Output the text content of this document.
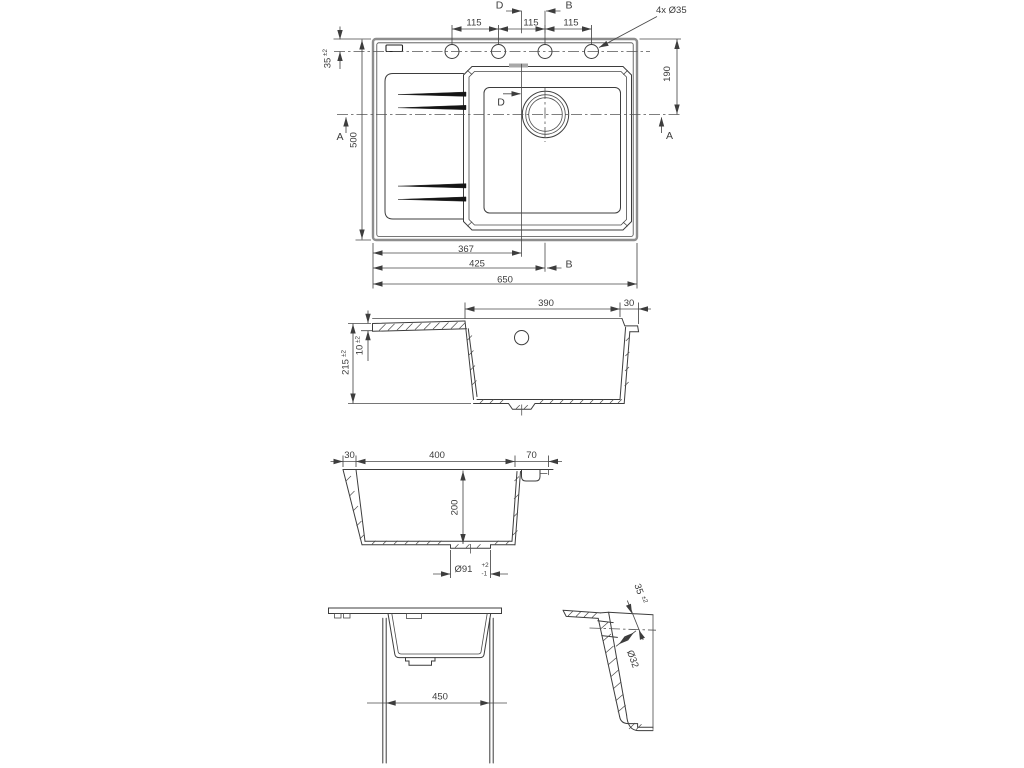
D	B
115	115	115
4x Ø35
190
35
±2
500
A	A
D
367
425	B
650
390	30
215
±2 10
±2
30	400	70
200
Ø91 +2
-1
450
35
±2
Ø32
